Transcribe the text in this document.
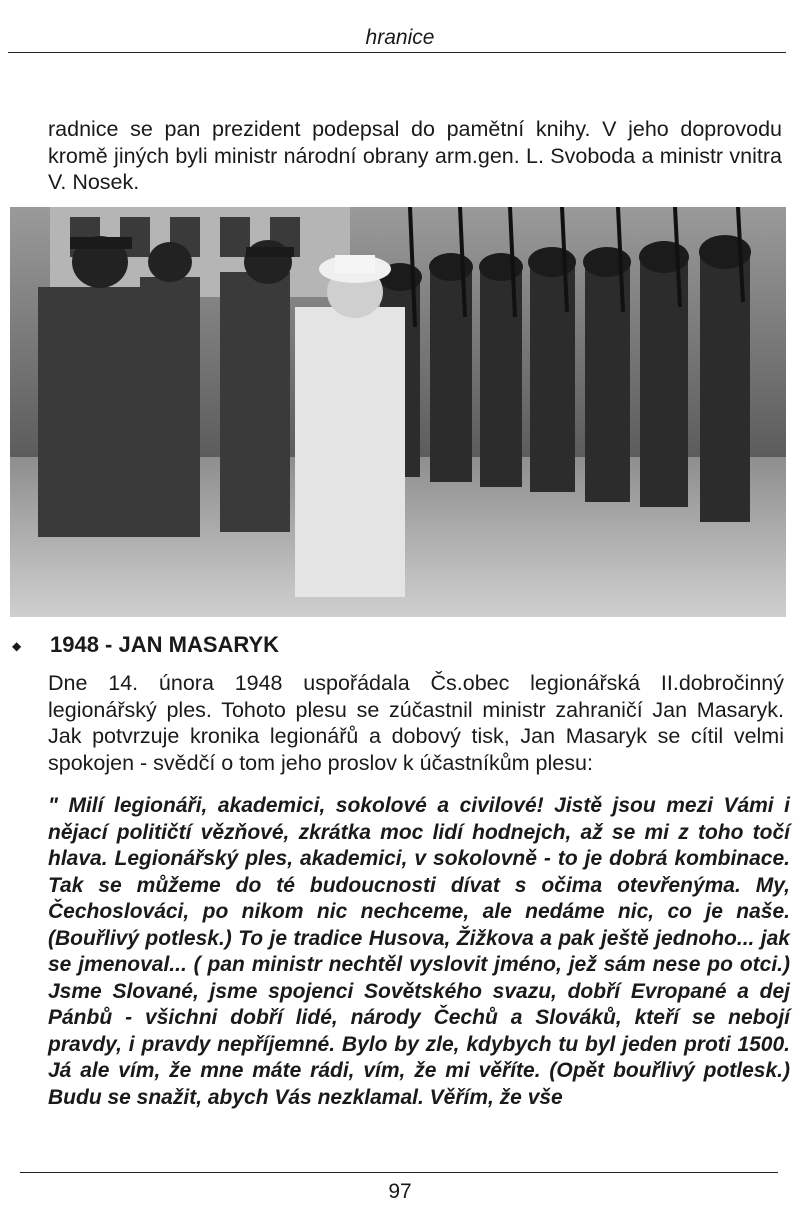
hranice
radnice se pan prezident podepsal do pamětní knihy. V jeho doprovodu kromě jiných byli ministr národní obrany arm.gen. L. Svoboda a ministr vnitra V. Nosek.
◆ 1948 - JAN MASARYK
Dne 14. února 1948 uspořádala Čs.obec legionářská II.dobročinný legionářský ples. Tohoto plesu se zúčastnil ministr zahraničí Jan Masaryk. Jak potvrzuje kronika legionářů a dobový tisk, Jan Masaryk se cítil velmi spokojen - svědčí o tom jeho proslov k účastníkům plesu:
" Milí legionáři, akademici, sokolové a civilové! Jistě jsou mezi Vámi i nějací političtí vězňové, zkrátka moc lidí hodnejch, až se mi z toho točí hlava. Legionářský ples, akademici, v sokolovně - to je dobrá kombinace. Tak se můžeme do té budoucnosti dívat s očima otevřenýma. My, Čechoslováci, po nikom nic nechceme, ale nedáme nic, co je naše. (Bouřlivý potlesk.) To je tradice Husova, Žižkova a pak ještě jednoho... jak se jmenoval... ( pan ministr nechtěl vyslovit jméno, jež sám nese po otci.) Jsme Slované, jsme spojenci Sovětského svazu, dobří Evropané a dej Pánbů - všichni dobří lidé, národy Čechů a Slováků, kteří se nebojí pravdy, i pravdy nepříjemné. Bylo by zle, kdybych tu byl jeden proti 1500. Já ale vím, že mne máte rádi, vím, že mi věříte. (Opět bouřlivý potlesk.) Budu se snažit, abych Vás nezklamal. Věřím, že vše
97
